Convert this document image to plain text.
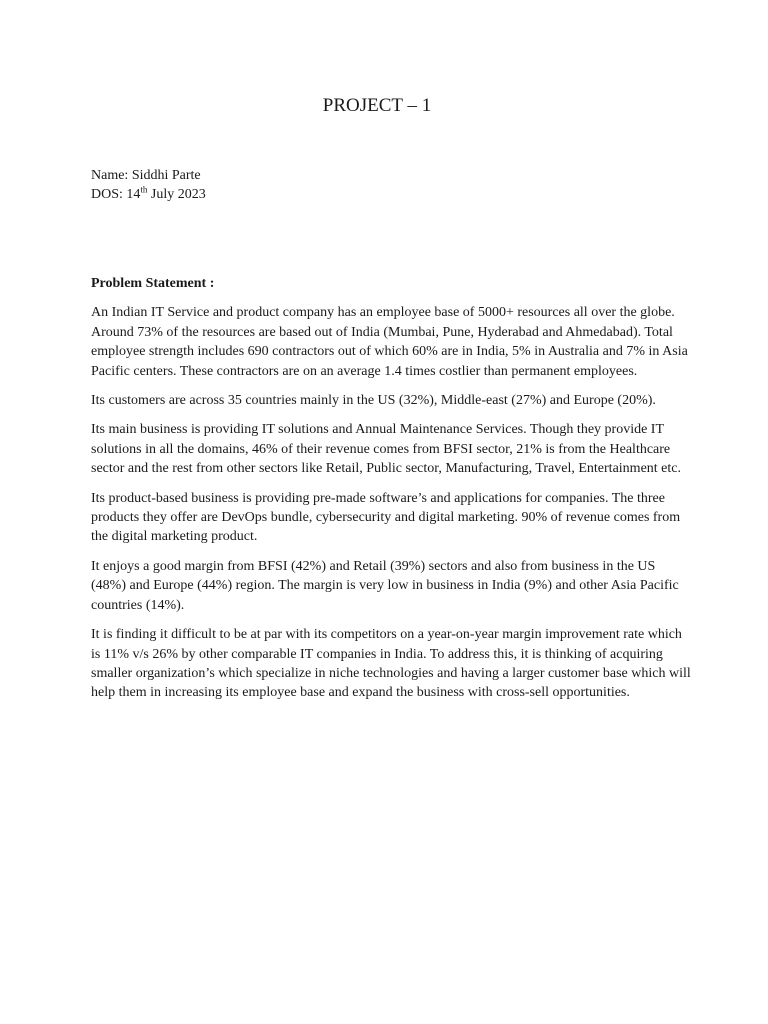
PROJECT – 1
Name: Siddhi Parte
DOS: 14th July 2023

Problem Statement :

An Indian IT Service and product company has an employee base of 5000+ resources all over the globe. Around 73% of the resources are based out of India (Mumbai, Pune, Hyderabad and Ahmedabad). Total employee strength includes 690 contractors out of which 60% are in India, 5% in Australia and 7% in Asia Pacific centers. These contractors are on an average 1.4 times costlier than permanent employees.

Its customers are across 35 countries mainly in the US (32%), Middle-east (27%) and Europe (20%).

Its main business is providing IT solutions and Annual Maintenance Services. Though they provide IT solutions in all the domains, 46% of their revenue comes from BFSI sector, 21% is from the Healthcare sector and the rest from other sectors like Retail, Public sector, Manufacturing, Travel, Entertainment etc.

Its product-based business is providing pre-made software’s and applications for companies. The three products they offer are DevOps bundle, cybersecurity and digital marketing. 90% of revenue comes from the digital marketing product.

It enjoys a good margin from BFSI (42%) and Retail (39%) sectors and also from business in the US (48%) and Europe (44%) region. The margin is very low in business in India (9%) and other Asia Pacific countries (14%).

It is finding it difficult to be at par with its competitors on a year-on-year margin improvement rate which is 11% v/s 26% by other comparable IT companies in India. To address this, it is thinking of acquiring smaller organization’s which specialize in niche technologies and having a larger customer base which will help them in increasing its employee base and expand the business with cross-sell opportunities.
